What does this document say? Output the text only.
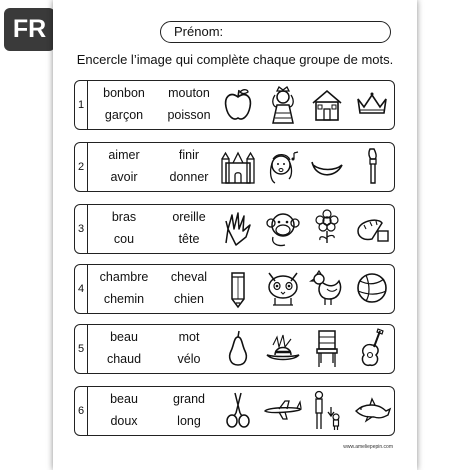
FR	Prénom:
Encercle l’image qui complète chaque groupe de mots.
1
bonbon	mouton
garçon	poisson
2
aimer	finir
avoir	donner
3
bras	oreille
cou	tête
4
chambre	cheval
chemin	chien
5
beau	mot
chaud	vélo
6
beau	grand
doux	long
www.ameliepepin.com
